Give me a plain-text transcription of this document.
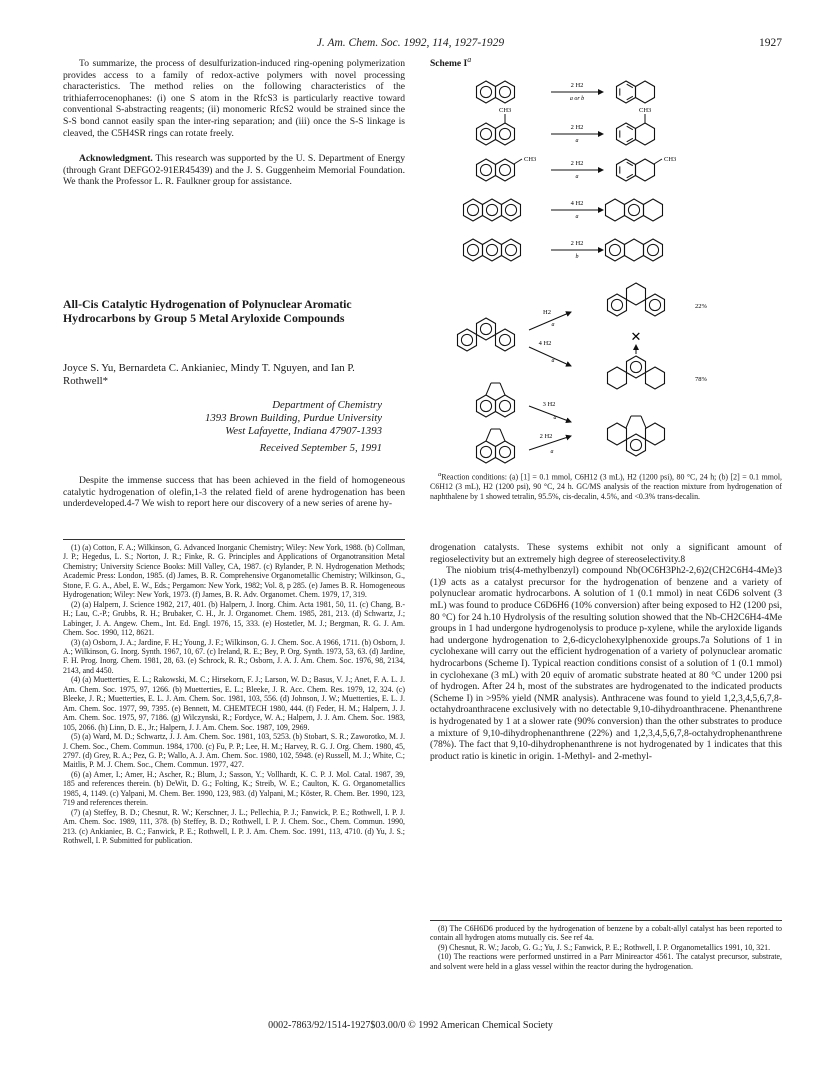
J. Am. Chem. Soc. 1992, 114, 1927-1929	1927

To summarize, the process of desulfurization-induced ring-opening polymerization provides access to a family of redox-active polymers with novel processing characteristics. The method relies on the following characteristics of the trithiaferrocenophanes: (i) one S atom in the RfcS3 is particularly reactive toward conventional S-abstracting reagents; (ii) monomeric RfcS2 would be strained since the S-S bond cannot easily span the inter-ring separation; and (iii) once the S-S linkage is cleaved, the C5H4SR rings can rotate freely.

Acknowledgment. This research was supported by the U. S. Department of Energy (through Grant DEFGO2-91ER45439) and the J. S. Guggenheim Memorial Foundation. We thank the Professor L. R. Faulkner group for assistance.

All-Cis Catalytic Hydrogenation of Polynuclear Aromatic Hydrocarbons by Group 5 Metal Aryloxide Compounds
Joyce S. Yu, Bernardeta C. Ankianiec, Mindy T. Nguyen, and Ian P. Rothwell*
Department of Chemistry
1393 Brown Building, Purdue University
West Lafayette, Indiana 47907-1393
Received September 5, 1991

Despite the immense success that has been achieved in the field of homogeneous catalytic hydrogenation of olefin,1-3 the related field of arene hydrogenation has been underdeveloped.4-7 We wish to report here our discovery of a new series of arene hy-

(1) (a) Cotton, F. A.; Wilkinson, G. Advanced Inorganic Chemistry; Wiley: New York, 1988. (b) Collman, J. P.; Hegedus, L. S.; Norton, J. R.; Finke, R. G. Principles and Applications of Organotransition Metal Chemistry; University Science Books: Mill Valley, CA, 1987. (c) Rylander, P. N. Hydrogenation Methods; Academic Press: London, 1985. (d) James, B. R. Comprehensive Organometallic Chemistry; Wilkinson, G., Stone, F. G. A., Abel, E. W., Eds.; Pergamon: New York, 1982; Vol. 8, p 285. (e) James B. R. Homogeneous Hydrogenation; Wiley: New York, 1973. (f) James, B. R. Adv. Organomet. Chem. 1979, 17, 319.

(2) (a) Halpern, J. Science 1982, 217, 401. (b) Halpern, J. Inorg. Chim. Acta 1981, 50, 11. (c) Chang, B.-H.; Lau, C.-P.; Grubbs, R. H.; Brubaker, C. H., Jr. J. Organomet. Chem. 1985, 281, 213. (d) Schwartz, J.; Labinger, J. A. Angew. Chem., Int. Ed. Engl. 1976, 15, 333. (e) Hostetler, M. J.; Bergman, R. G. J. Am. Chem. Soc. 1990, 112, 8621.

(3) (a) Osborn, J. A.; Jardine, F. H.; Young, J. F.; Wilkinson, G. J. Chem. Soc. A 1966, 1711. (b) Osborn, J. A.; Wilkinson, G. Inorg. Synth. 1967, 10, 67. (c) Ireland, R. E.; Bey, P. Org. Synth. 1973, 53, 63. (d) Jardine, F. H. Prog. Inorg. Chem. 1981, 28, 63. (e) Schrock, R. R.; Osborn, J. A. J. Am. Chem. Soc. 1976, 98, 2134, 2143, and 4450.

(4) (a) Muetterties, E. L.; Rakowski, M. C.; Hirsekorn, F. J.; Larson, W. D.; Basus, V. J.; Anet, F. A. L. J. Am. Chem. Soc. 1975, 97, 1266. (b) Muetterties, E. L.; Bleeke, J. R. Acc. Chem. Res. 1979, 12, 324. (c) Bleeke, J. R.; Muetterties, E. L. J. Am. Chem. Soc. 1981, 103, 556. (d) Johnson, J. W.; Muetterties, E. L. J. Am. Chem. Soc. 1977, 99, 7395. (e) Bennett, M. CHEMTECH 1980, 444. (f) Feder, H. M.; Halpern, J. J. Am. Chem. Soc. 1975, 97, 7186. (g) Wilczynski, R.; Fordyce, W. A.; Halpern, J. J. Am. Chem. Soc. 1983, 105, 2066. (h) Linn, D. E., Jr.; Halpern, J. J. Am. Chem. Soc. 1987, 109, 2969.

(5) (a) Ward, M. D.; Schwartz, J. J. Am. Chem. Soc. 1981, 103, 5253. (b) Stobart, S. R.; Zaworotko, M. J. J. Chem. Soc., Chem. Commun. 1984, 1700. (c) Fu, P. P.; Lee, H. M.; Harvey, R. G. J. Org. Chem. 1980, 45, 2797. (d) Grey, R. A.; Pez, G. P.; Wallo, A. J. Am. Chem. Soc. 1980, 102, 5948. (e) Russell, M. J.; White, C.; Maitlis, P. M. J. Chem. Soc., Chem. Commun. 1977, 427.

(6) (a) Amer, I.; Amer, H.; Ascher, R.; Blum, J.; Sasson, Y.; Vollhardt, K. C. P. J. Mol. Catal. 1987, 39, 185 and references therein. (b) DeWit, D. G.; Folting, K.; Streib, W. E.; Caulton, K. G. Organometallics 1985, 4, 1149. (c) Yalpani, M. Chem. Ber. 1990, 123, 983. (d) Yalpani, M.; Köster, R. Chem. Ber. 1990, 123, 719 and references therein.

(7) (a) Steffey, B. D.; Chesnut, R. W.; Kerschner, J. L.; Pellechia, P. J.; Fanwick, P. E.; Rothwell, I. P. J. Am. Chem. Soc. 1989, 111, 378. (b) Steffey, B. D.; Rothwell, I. P. J. Chem. Soc., Chem. Commun. 1990, 213. (c) Ankianiec, B. C.; Fanwick, P. E.; Rothwell, I. P. J. Am. Chem. Soc. 1991, 113, 4710. (d) Yu, J. S.; Rothwell, I. P. Submitted for publication.

Scheme $I^a$
2 H2
a or b
CH3
2 H2
a
CH3
CH3
2 H2
a
CH3
4 H2
a
2 H2
b
H2
a
4 H2
a
22%
✕
78%
3 H2
a
2 H2
a

$^a$Reaction conditions: (a) [1] = 0.1 mmol, C6H12 (3 mL), H2 (1200 psi), 80 °C, 24 h; (b) [2] = 0.1 mmol, C6H12 (3 mL), H2 (1200 psi), 90 °C, 24 h. GC/MS analysis of the reaction mixture from hydrogenation of naphthalene by 1 showed tetralin, 95.5%, cis-decalin, 4.5%, and <0.3% trans-decalin.

drogenation catalysts. These systems exhibit not only a significant amount of regioselectivity but an extremely high degree of stereoselectivity.8

The niobium tris(4-methylbenzyl) compound Nb(OC6H3Ph2-2,6)2(CH2C6H4-4Me)3 (1)9 acts as a catalyst precursor for the hydrogenation of benzene and a variety of polynuclear aromatic hydrocarbons. A solution of 1 (0.1 mmol) in neat C6D6 solvent (3 mL) was found to produce C6D6H6 (10% conversion) after being exposed to H2 (1200 psi, 80 °C) for 24 h.10 Hydrolysis of the resulting solution showed that the Nb-CH2C6H4-4Me groups in 1 had undergone hydrogenolysis to produce p-xylene, while the aryloxide ligands had undergone hydrogenation to 2,6-dicyclohexylphenoxide groups.7a Solutions of 1 in cyclohexane will carry out the efficient hydrogenation of a variety of polynuclear aromatic hydrocarbons (Scheme I). Typical reaction conditions consist of a solution of 1 (0.1 mmol) in cyclohexane (3 mL) with 20 equiv of aromatic substrate heated at 80 °C under 1200 psi of hydrogen. After 24 h, most of the substrates are hydrogenated to the indicated products (Scheme I) in >95% yield (NMR analysis). Anthracene was found to yield 1,2,3,4,5,6,7,8-octahydroanthracene exclusively with no detectable 9,10-dihydroanthracene. Phenanthrene is hydrogenated by 1 at a slower rate (90% conversion) than the other substrates to produce a mixture of 9,10-dihydrophenanthrene (22%) and 1,2,3,4,5,6,7,8-octahydrophenanthrene (78%). The fact that 9,10-dihydrophenanthrene is not hydrogenated by 1 indicates that this product ratio is kinetic in origin. 1-Methyl- and 2-methyl-

(8) The C6H6D6 produced by the hydrogenation of benzene by a cobalt-allyl catalyst has been reported to contain all hydrogen atoms mutually cis. See ref 4a.

(9) Chesnut, R. W.; Jacob, G. G.; Yu, J. S.; Fanwick, P. E.; Rothwell, I. P. Organometallics 1991, 10, 321.

(10) The reactions were performed unstirred in a Parr Minireactor 4561. The catalyst precursor, substrate, and solvent were held in a glass vessel within the reactor during the hydrogenation.

0002-7863/92/1514-1927$03.00/0 © 1992 American Chemical Society
